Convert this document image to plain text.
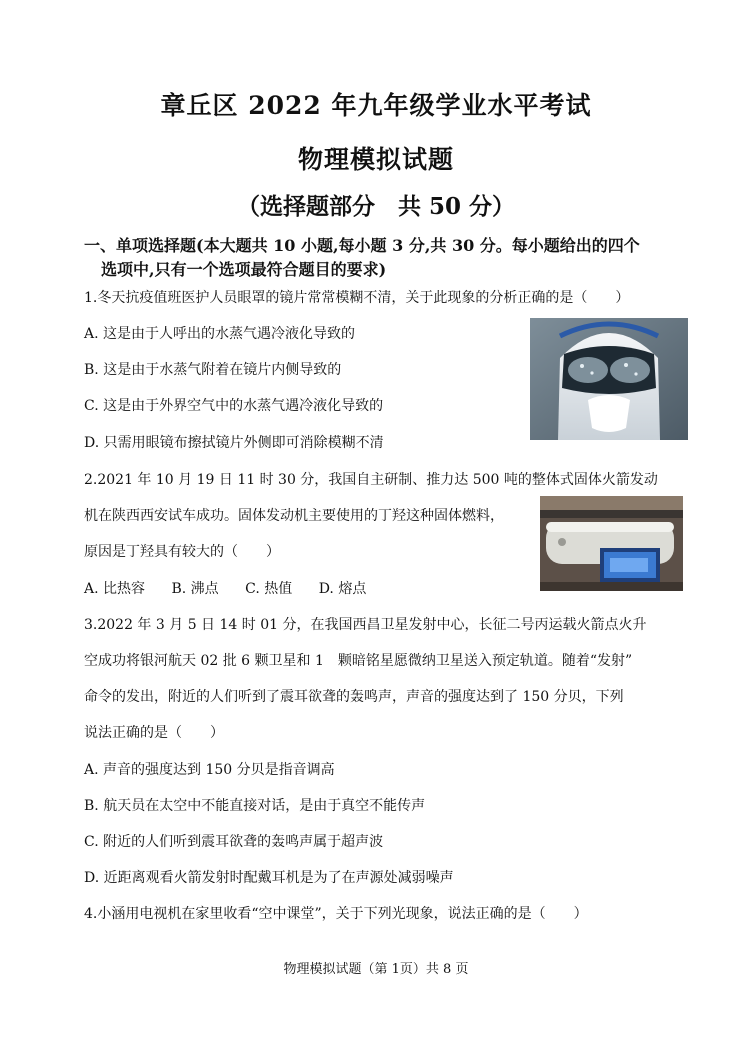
章丘区 2022 年九年级学业水平考试
物理模拟试题
（选择题部分　共 50 分）
一、单项选择题(本大题共 10 小题,每小题 3 分,共 30 分。每小题给出的四个
选项中,只有一个选项最符合题目的要求)
1.冬天抗疫值班医护人员眼罩的镜片常常模糊不清，关于此现象的分析正确的是（　　）
A. 这是由于人呼出的水蒸气遇冷液化导致的
B. 这是由于水蒸气附着在镜片内侧导致的
C. 这是由于外界空气中的水蒸气遇冷液化导致的
D. 只需用眼镜布擦拭镜片外侧即可消除模糊不清
2.2021 年 10 月 19 日 11 时 30 分，我国自主研制、推力达 500 吨的整体式固体火箭发动
机在陕西西安试车成功。固体发动机主要使用的丁羟这种固体燃料，
原因是丁羟具有较大的（　　）
A. 比热容 B. 沸点 C. 热值 D. 熔点
3.2022 年 3 月 5 日 14 时 01 分，在我国西昌卫星发射中心，长征二号丙运载火箭点火升
空成功将银河航天 02 批 6 颗卫星和 1　颗暗铭星愿微纳卫星送入预定轨道。随着“发射”
命令的发出，附近的人们听到了震耳欲聋的轰鸣声，声音的强度达到了 150 分贝，下列
说法正确的是（　　）
A. 声音的强度达到 150 分贝是指音调高
B. 航天员在太空中不能直接对话，是由于真空不能传声
C. 附近的人们听到震耳欲聋的轰鸣声属于超声波
D. 近距离观看火箭发射时配戴耳机是为了在声源处减弱噪声
4.小涵用电视机在家里收看“空中课堂”，关于下列光现象，说法正确的是（　　）
物理模拟试题（第 1页）共 8 页
